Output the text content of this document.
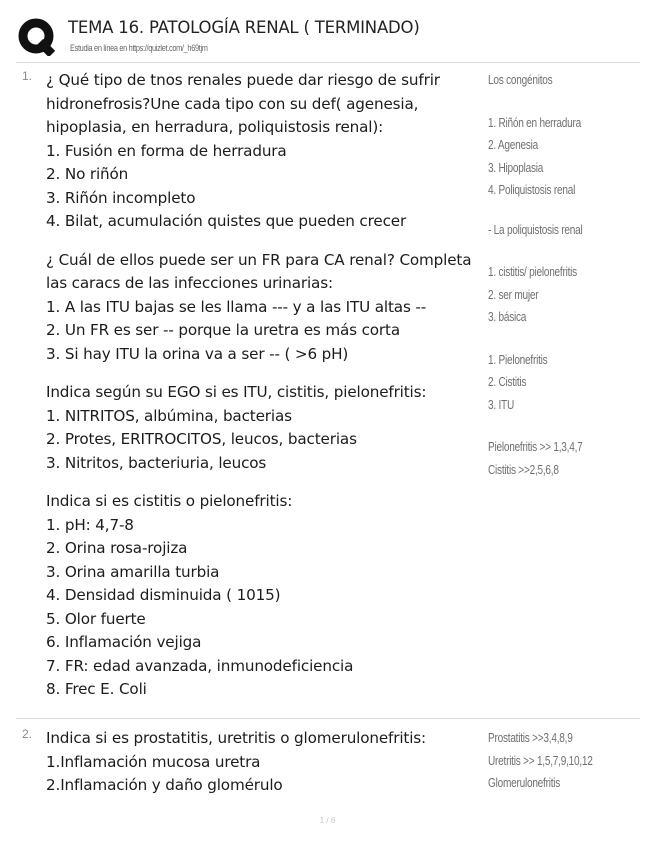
TEMA 16. PATOLOGÍA RENAL ( TERMINADO)
Estudia en línea en https://quizlet.com/_h69tjm
1. ¿ Qué tipo de tnos renales puede dar riesgo de sufrir
hidronefrosis?Une cada tipo con su def( agenesia,
hipoplasia, en herradura, poliquistosis renal):
1. Fusión en forma de herradura
2. No riñón
3. Riñón incompleto
4. Bilat, acumulación quistes que pueden crecer
¿ Cuál de ellos puede ser un FR para CA renal? Completa
las caracs de las infecciones urinarias:
1. A las ITU bajas se les llama --- y a las ITU altas --
2. Un FR es ser -- porque la uretra es más corta
3. Si hay ITU la orina va a ser -- ( >6 pH)
Indica según su EGO si es ITU, cistitis, pielonefritis:
1. NITRITOS, albúmina, bacterias
2. Protes, ERITROCITOS, leucos, bacterias
3. Nitritos, bacteriuria, leucos
Indica si es cistitis o pielonefritis:
1. pH: 4,7-8
2. Orina rosa-rojiza
3. Orina amarilla turbia
4. Densidad disminuida ( 1015)
5. Olor fuerte
6. Inflamación vejiga
7. FR: edad avanzada, inmunodeficiencia
8. Frec E. Coli
Los congénitos
1. Riñón en herradura
2. Agenesia
3. Hipoplasia
4. Poliquistosis renal
- La poliquistosis renal
1. cistitis/ pielonefritis
2. ser mujer
3. básica
1. Pielonefritis
2. Cistitis
3. ITU
Pielonefritis >> 1,3,4,7
Cistitis >>2,5,6,8
2. Indica si es prostatitis, uretritis o glomerulonefritis:
1.Inflamación mucosa uretra
2.Inflamación y daño glomérulo
Prostatitis >>3,4,8,9
Uretritis >> 1,5,7,9,10,12
Glomerulonefritis
1 / 6
